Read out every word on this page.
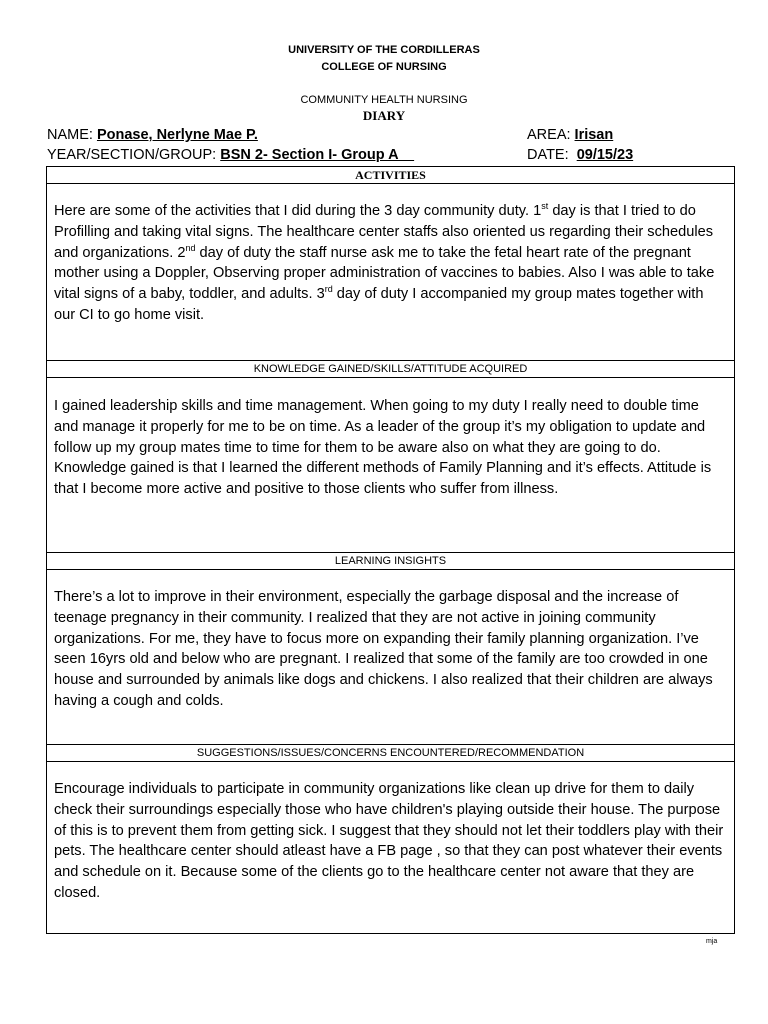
UNIVERSITY OF THE CORDILLERAS
COLLEGE OF NURSING
COMMUNITY HEALTH NURSING
DIARY
NAME: Ponase, Nerlyne Mae P.
YEAR/SECTION/GROUP: BSN 2- Section I- Group A
AREA: Irisan
DATE:  09/15/23
ACTIVITIES

Here are some of the activities that I did during the 3 day community duty. 1st day is that I tried to do Profilling and taking vital signs. The healthcare center staffs also oriented us regarding their schedules and organizations. 2nd day of duty the staff nurse ask me to take the fetal heart rate of the pregnant mother using a Doppler, Observing proper administration of vaccines to babies. Also I was able to take vital signs of a baby, toddler, and adults. 3rd day of duty I accompanied my group mates together with our CI to go home visit.

KNOWLEDGE GAINED/SKILLS/ATTITUDE ACQUIRED

I gained leadership skills and time management. When going to my duty I really need to double time and manage it properly for me to be on time. As a leader of the group it’s my obligation to update and follow up my group mates time to time for them to be aware also on what they are going to do. Knowledge gained is that I learned the different methods of Family Planning and it’s effects. Attitude is that I become more active and positive to those clients who suffer from illness.

LEARNING INSIGHTS

There’s a lot to improve in their environment, especially the garbage disposal and the increase of teenage pregnancy in their community. I realized that they are not active in joining community organizations. For me, they have to focus more on expanding their family planning organization. I’ve seen 16yrs old and below who are pregnant. I realized that some of the family are too crowded in one house and surrounded by animals like dogs and chickens. I also realized that their children are always having a cough and colds.

SUGGESTIONS/ISSUES/CONCERNS ENCOUNTERED/RECOMMENDATION

Encourage individuals to participate in community organizations like clean up drive for them to daily check their surroundings especially those who have children's playing outside their house. The purpose of this is to prevent them from getting sick. I suggest that they should not let their toddlers play with their pets. The healthcare center should atleast have a FB page , so that they can post whatever their events and schedule on it. Because some of the clients go to the healthcare center not aware that they are closed.

mja
